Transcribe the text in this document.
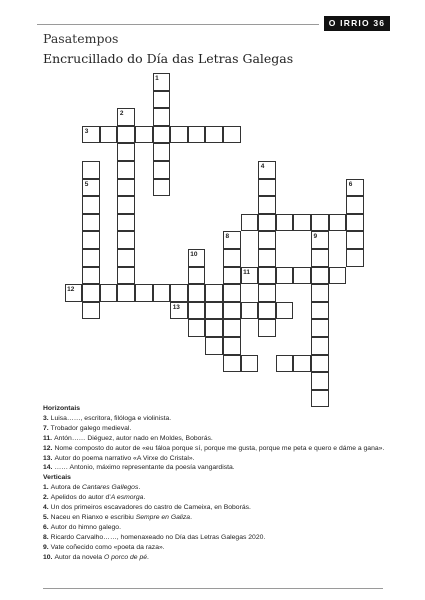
O IRRIO 36
Pasatempos
Encrucillado do Día das Letras Galegas
1
2
3
5
4
6
8	9
10
11
12
13
Horizontais
3. Luisa……, escritora, filóloga e violinista.
7. Trobador galego medieval.
11. Antón…… Diéguez, autor nado en Moldes, Boborás.
12. Nome composto do autor de «eu fáloa porque sí, porque me gusta, porque me peta e quero e dáme a gana».
13. Autor do poema narrativo «A Virxe do Cristal».
14. …… Antonio, máximo representante da poesía vangardista.
Verticais
1. Autora de Cantares Gallegos.
2. Apelidos do autor d’A esmorga.
4. Un dos primeiros escavadores do castro de Cameixa, en Boborás.
5. Naceu en Rianxo e escribiu Sempre en Galiza.
6. Autor do himno galego.
8. Ricardo Carvalho……, homenaxeado no Día das Letras Galegas 2020.
9. Vate coñecido como «poeta da raza».
10. Autor da novela O porco de pé.
